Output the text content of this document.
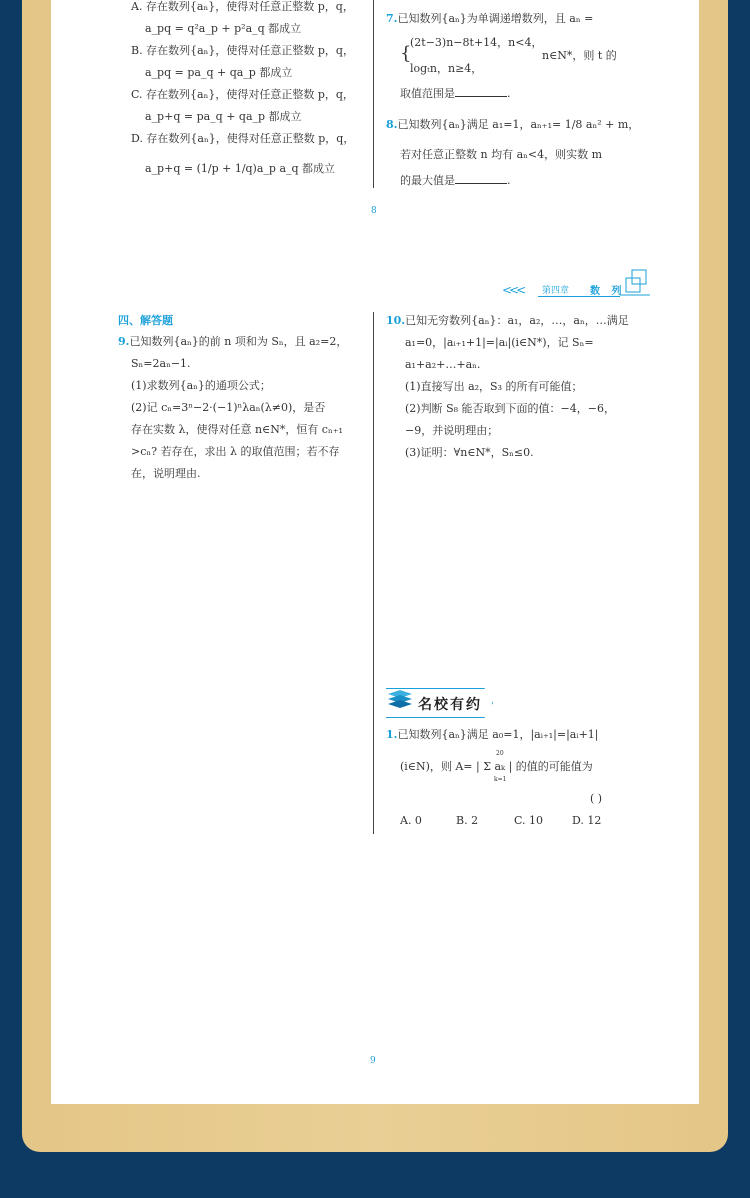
A. 存在数列{aₙ}，使得对任意正整数 p，q，
a_pq = q²a_p + p²a_q 都成立
B. 存在数列{aₙ}，使得对任意正整数 p，q，
a_pq = pa_q + qa_p 都成立
C. 存在数列{aₙ}，使得对任意正整数 p，q，
a_p+q = pa_q + qa_p 都成立
D. 存在数列{aₙ}，使得对任意正整数 p，q，
a_p+q = (1/p + 1/q)a_p a_q 都成立
7.已知数列{aₙ}为单调递增数列，且 aₙ =
{
(2t−3)n−8t+14，n<4，
logₜn，n≥4，
n∈N*，则 t 的
取值范围是	.
8.已知数列{aₙ}满足 a₁=1，aₙ₊₁= 1/8 aₙ² + m，
若对任意正整数 n 均有 aₙ<4，则实数 m
的最大值是	.
8
<<< 第四章 数 列
四、解答题
9.已知数列{aₙ}的前 n 项和为 Sₙ，且 a₂=2，
Sₙ=2aₙ−1.
(1)求数列{aₙ}的通项公式；
(2)记 cₙ=3ⁿ−2·(−1)ⁿλaₙ(λ≠0)，是否
存在实数 λ，使得对任意 n∈N*，恒有 cₙ₊₁
>cₙ? 若存在，求出 λ 的取值范围；若不存
在，说明理由.
10.已知无穷数列{aₙ}：a₁，a₂，…，aₙ，…满足
a₁=0，|aᵢ₊₁+1|=|aᵢ|(i∈N*)，记 Sₙ=
a₁+a₂+…+aₙ.
(1)直接写出 a₂，S₃ 的所有可能值；
(2)判断 S₈ 能否取到下面的值：−4，−6，
−9，并说明理由；
(3)证明：∀n∈N*，Sₙ≤0.
名校有约
1.已知数列{aₙ}满足 a₀=1，|aᵢ₊₁|=|aᵢ+1|
20
(i∈N)，则 A= | Σ aₖ | 的值的可能值为
k=1
( )
A. 0	B. 2	C. 10	D. 12
9
